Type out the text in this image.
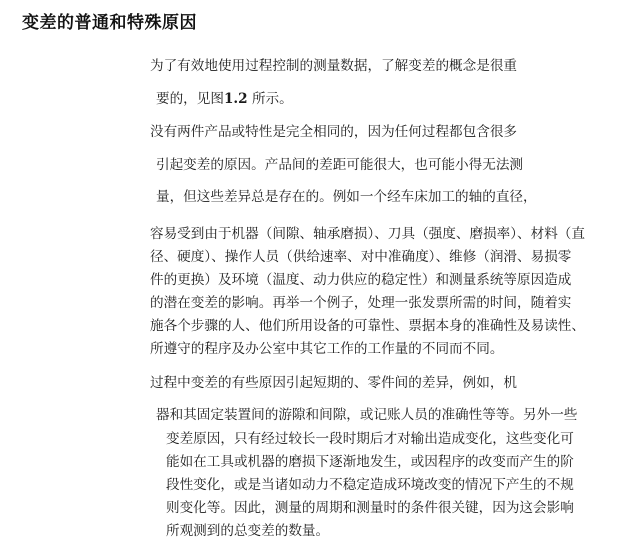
变差的普通和特殊原因
为了有效地使用过程控制的测量数据，了解变差的概念是很重
要的，见图1.2 所示。
没有两件产品或特性是完全相同的，因为任何过程都包含很多
引起变差的原因。产品间的差距可能很大，也可能小得无法测
量，但这些差异总是存在的。例如一个经车床加工的轴的直径，
容易受到由于机器（间隙、轴承磨损）、刀具（强度、磨损率）、材料（直
径、硬度）、操作人员（供给速率、对中准确度）、维修（润滑、易损零
件的更换）及环境（温度、动力供应的稳定性）和测量系统等原因造成
的潜在变差的影响。再举一个例子，处理一张发票所需的时间，随着实
施各个步骤的人、他们所用设备的可靠性、票据本身的准确性及易读性、
所遵守的程序及办公室中其它工作的工作量的不同而不同。
过程中变差的有些原因引起短期的、零件间的差异，例如，机
器和其固定装置间的游隙和间隙，或记账人员的准确性等等。另外一些
变差原因，只有经过较长一段时期后才对输出造成变化，这些变化可
能如在工具或机器的磨损下逐渐地发生，或因程序的改变而产生的阶
段性变化，或是当诸如动力不稳定造成环境改变的情况下产生的不规
则变化等。因此，测量的周期和测量时的条件很关键，因为这会影响
所观测到的总变差的数量。
